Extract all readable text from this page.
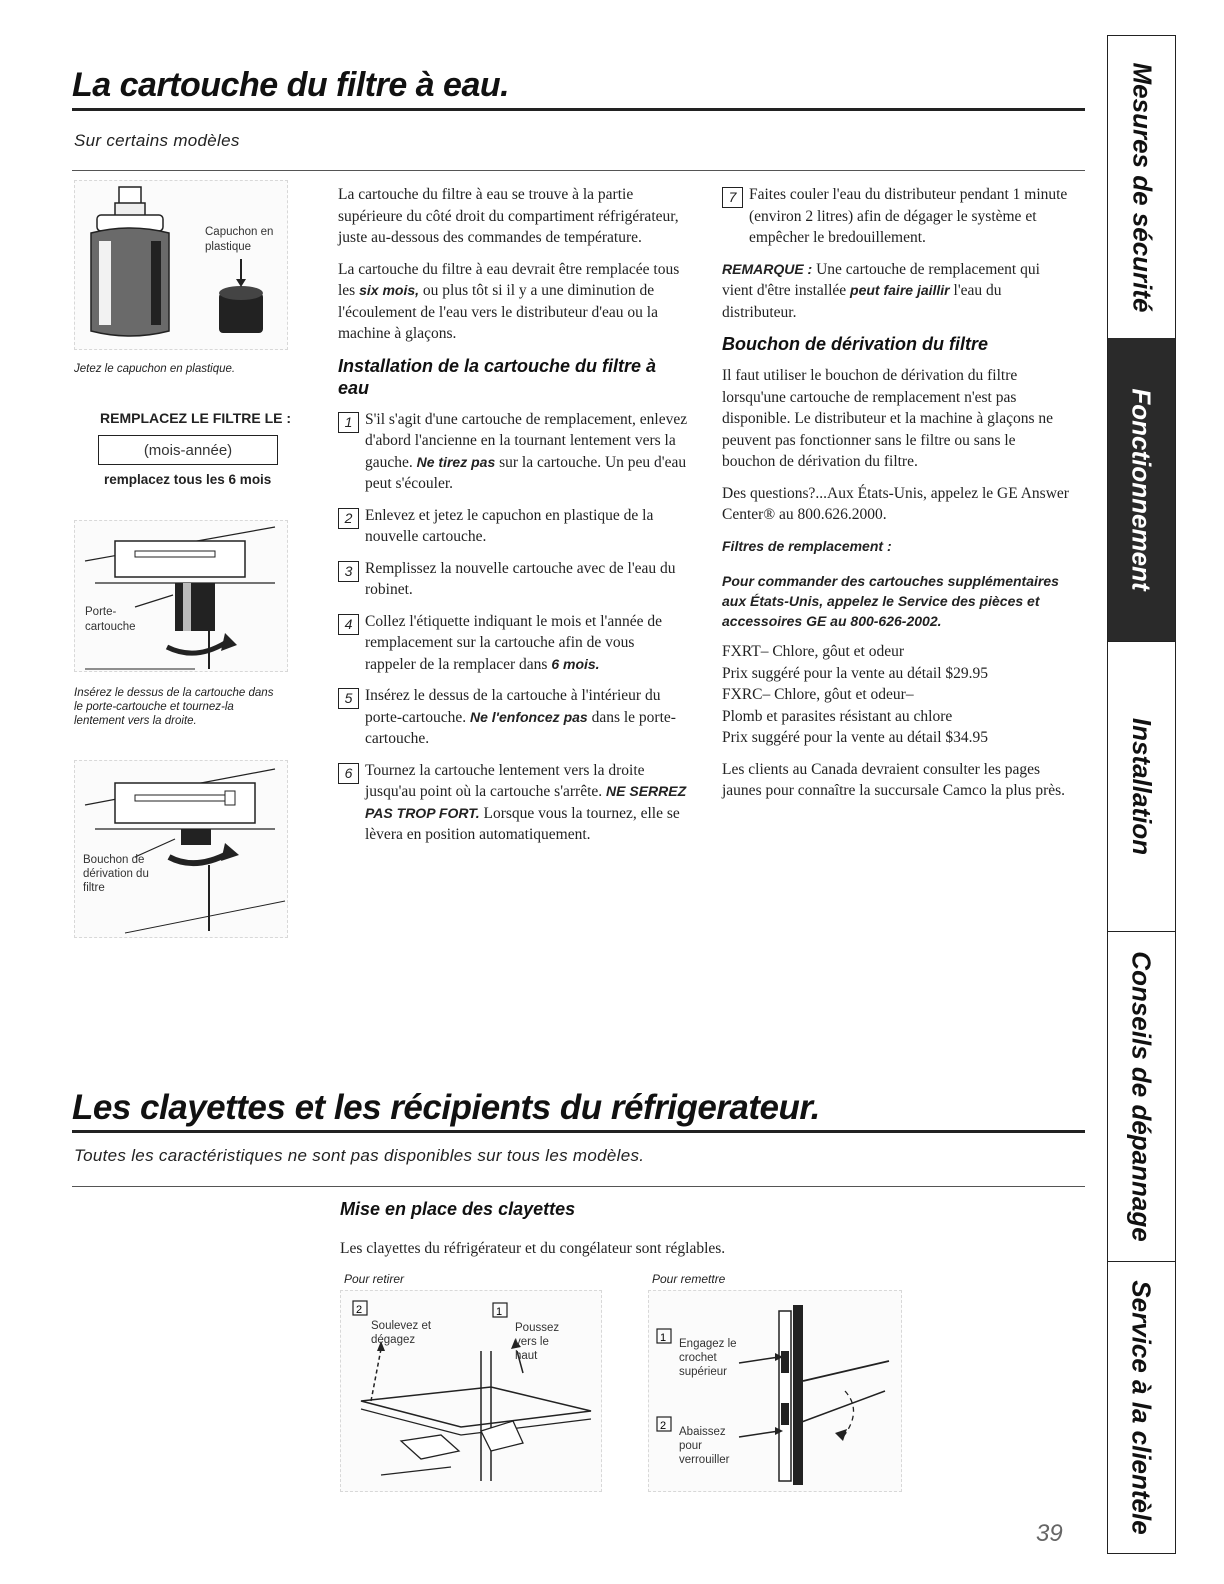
La cartouche du filtre à eau.
Sur certains modèles
Capuchon en plastique
Jetez le capuchon en plastique.
REMPLACEZ LE FILTRE LE :
(mois-année)
remplacez tous les 6 mois
Porte-cartouche
Insérez le dessus de la cartouche dans le porte-cartouche et tournez-la lentement vers la droite.
Bouchon de dérivation du filtre

La cartouche du filtre à eau se trouve à la partie supérieure du côté droit du compartiment réfrigérateur, juste au-dessous des commandes de température.

La cartouche du filtre à eau devrait être remplacée tous les six mois, ou plus tôt si il y a une diminution de l'écoulement de l'eau vers le distributeur d'eau ou la machine à glaçons.

Installation de la cartouche du filtre à eau
1 S'il s'agit d'une cartouche de remplacement, enlevez d'abord l'ancienne en la tournant lentement vers la gauche. Ne tirez pas sur la cartouche. Un peu d'eau peut s'écouler.
2 Enlevez et jetez le capuchon en plastique de la nouvelle cartouche.
3 Remplissez la nouvelle cartouche avec de l'eau du robinet.
4 Collez l'étiquette indiquant le mois et l'année de remplacement sur la cartouche afin de vous rappeler de la remplacer dans 6 mois.
5 Insérez le dessus de la cartouche à l'intérieur du porte-cartouche. Ne l'enfoncez pas dans le porte-cartouche.
6 Tournez la cartouche lentement vers la droite jusqu'au point où la cartouche s'arrête. NE SERREZ PAS TROP FORT. Lorsque vous la tournez, elle se lèvera en position automatiquement.
7 Faites couler l'eau du distributeur pendant 1 minute (environ 2 litres) afin de dégager le système et empêcher le bredouillement.

REMARQUE : Une cartouche de remplacement qui vient d'être installée peut faire jaillir l'eau du distributeur.

Bouchon de dérivation du filtre

Il faut utiliser le bouchon de dérivation du filtre lorsqu'une cartouche de remplacement n'est pas disponible. Le distributeur et la machine à glaçons ne peuvent pas fonctionner sans le filtre ou sans le bouchon de dérivation du filtre.

Des questions?...Aux États-Unis, appelez le GE Answer Center® au 800.626.2000.

Filtres de remplacement :

Pour commander des cartouches supplémentaires aux États-Unis, appelez le Service des pièces et accessoires GE au 800-626-2002.

FXRT– Chlore, gôut et odeur
Prix suggéré pour la vente au détail $29.95
FXRC– Chlore, gôut et odeur–
Plomb et parasites résistant au chlore
Prix suggéré pour la vente au détail $34.95

Les clients au Canada devraient consulter les pages jaunes pour connaître la succursale Camco la plus près.

Les clayettes et les récipients du réfrigerateur.
Toutes les caractéristiques ne sont pas disponibles sur tous les modèles.
Mise en place des clayettes
Les clayettes du réfrigérateur et du congélateur sont réglables.
Pour retirer
2	1
Soulevez et dégagez
Poussez vers le haut
Pour remettre
1
2
Engagez le crochet supérieur
Abaissez pour verrouiller
39
Mesures de sécurité
Fonctionnement
Installation
Conseils de dépannage
Service à la clientèle
